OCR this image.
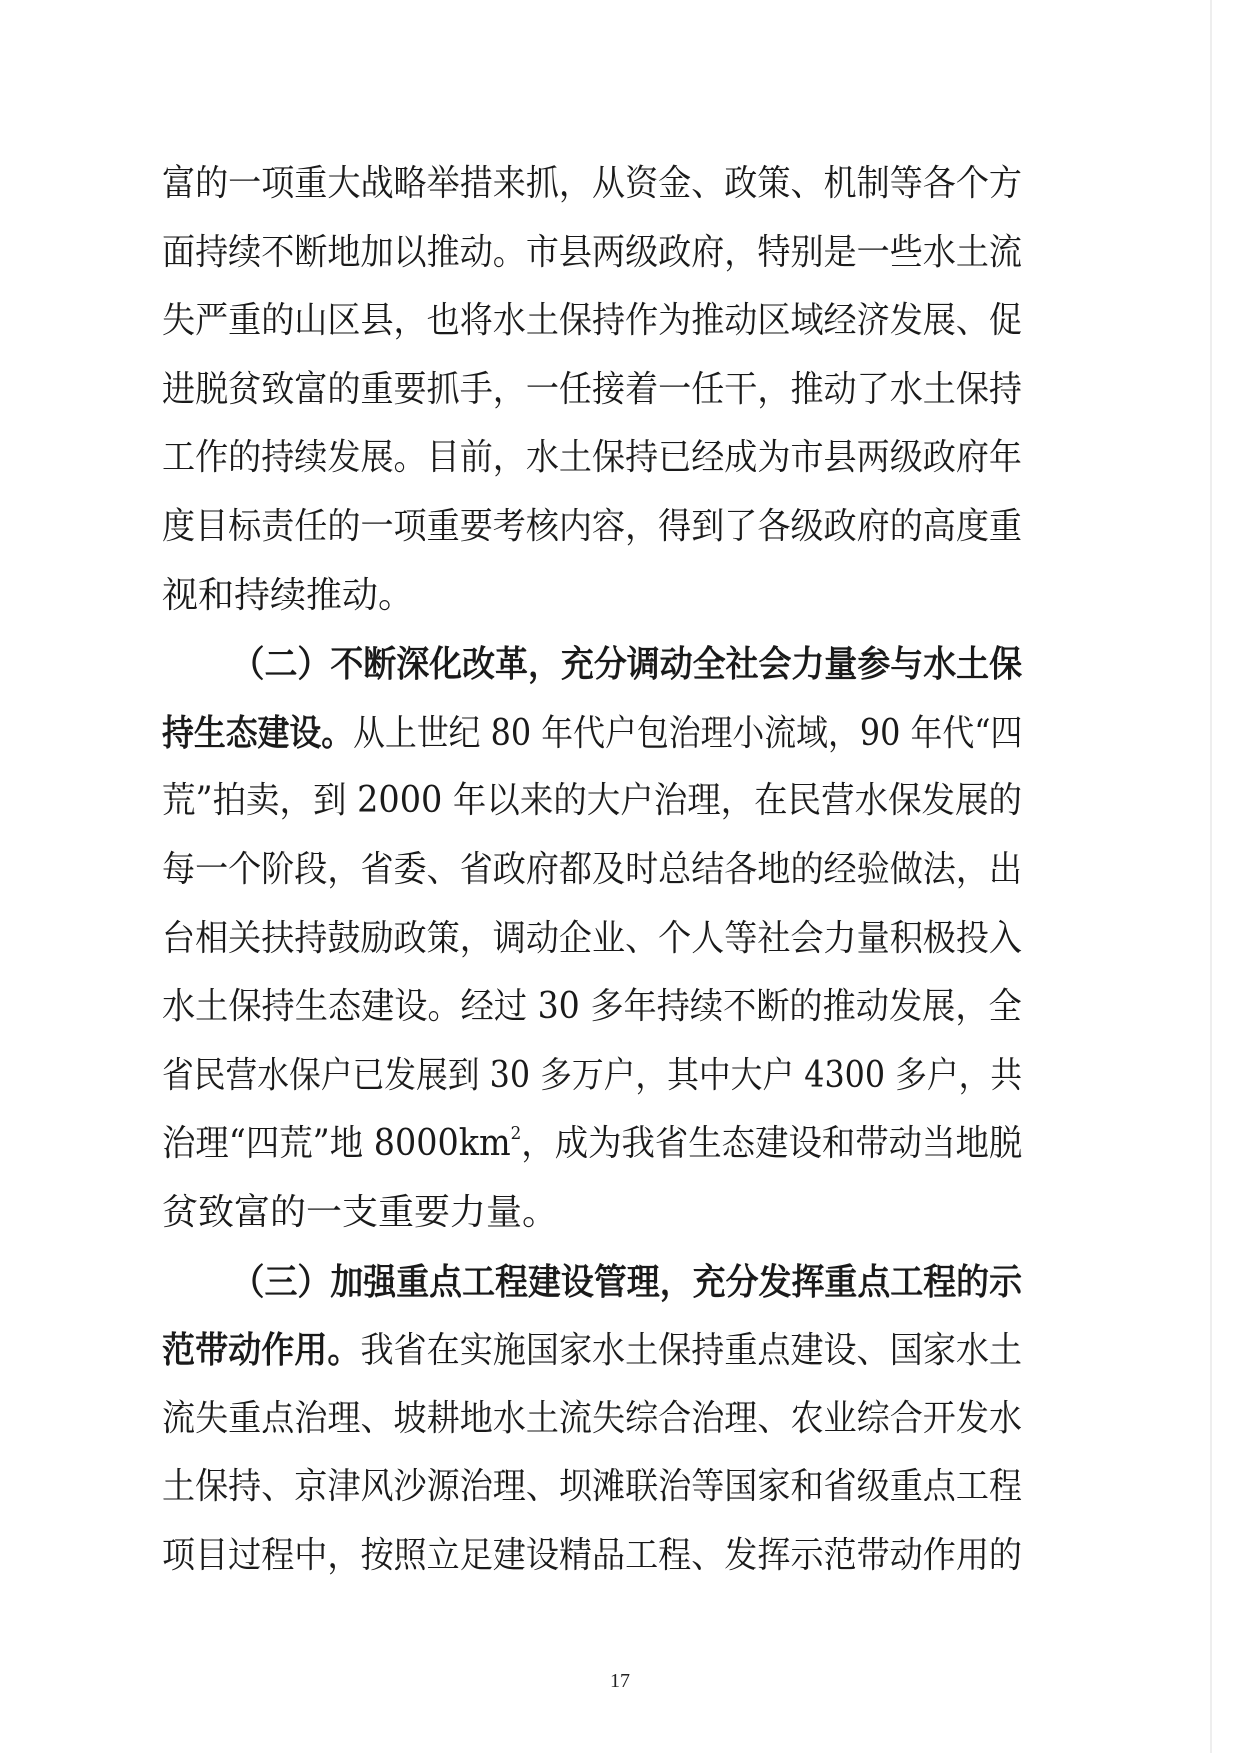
富的一项重大战略举措来抓，从资金、政策、机制等各个方
面持续不断地加以推动。市县两级政府，特别是一些水土流
失严重的山区县，也将水土保持作为推动区域经济发展、促
进脱贫致富的重要抓手，一任接着一任干，推动了水土保持
工作的持续发展。目前，水土保持已经成为市县两级政府年
度目标责任的一项重要考核内容，得到了各级政府的高度重
视和持续推动。
（二）不断深化改革，充分调动全社会力量参与水土保
持生态建设。从上世纪 80 年代户包治理小流域，90 年代“四
荒”拍卖，到 2000 年以来的大户治理，在民营水保发展的
每一个阶段，省委、省政府都及时总结各地的经验做法，出
台相关扶持鼓励政策，调动企业、个人等社会力量积极投入
水土保持生态建设。经过 30 多年持续不断的推动发展，全
省民营水保户已发展到 30 多万户，其中大户 4300 多户，共
治理“四荒”地 $8000km^2$，成为我省生态建设和带动当地脱
贫致富的一支重要力量。
（三）加强重点工程建设管理，充分发挥重点工程的示
范带动作用。我省在实施国家水土保持重点建设、国家水土
流失重点治理、坡耕地水土流失综合治理、农业综合开发水
土保持、京津风沙源治理、坝滩联治等国家和省级重点工程
项目过程中，按照立足建设精品工程、发挥示范带动作用的
17
